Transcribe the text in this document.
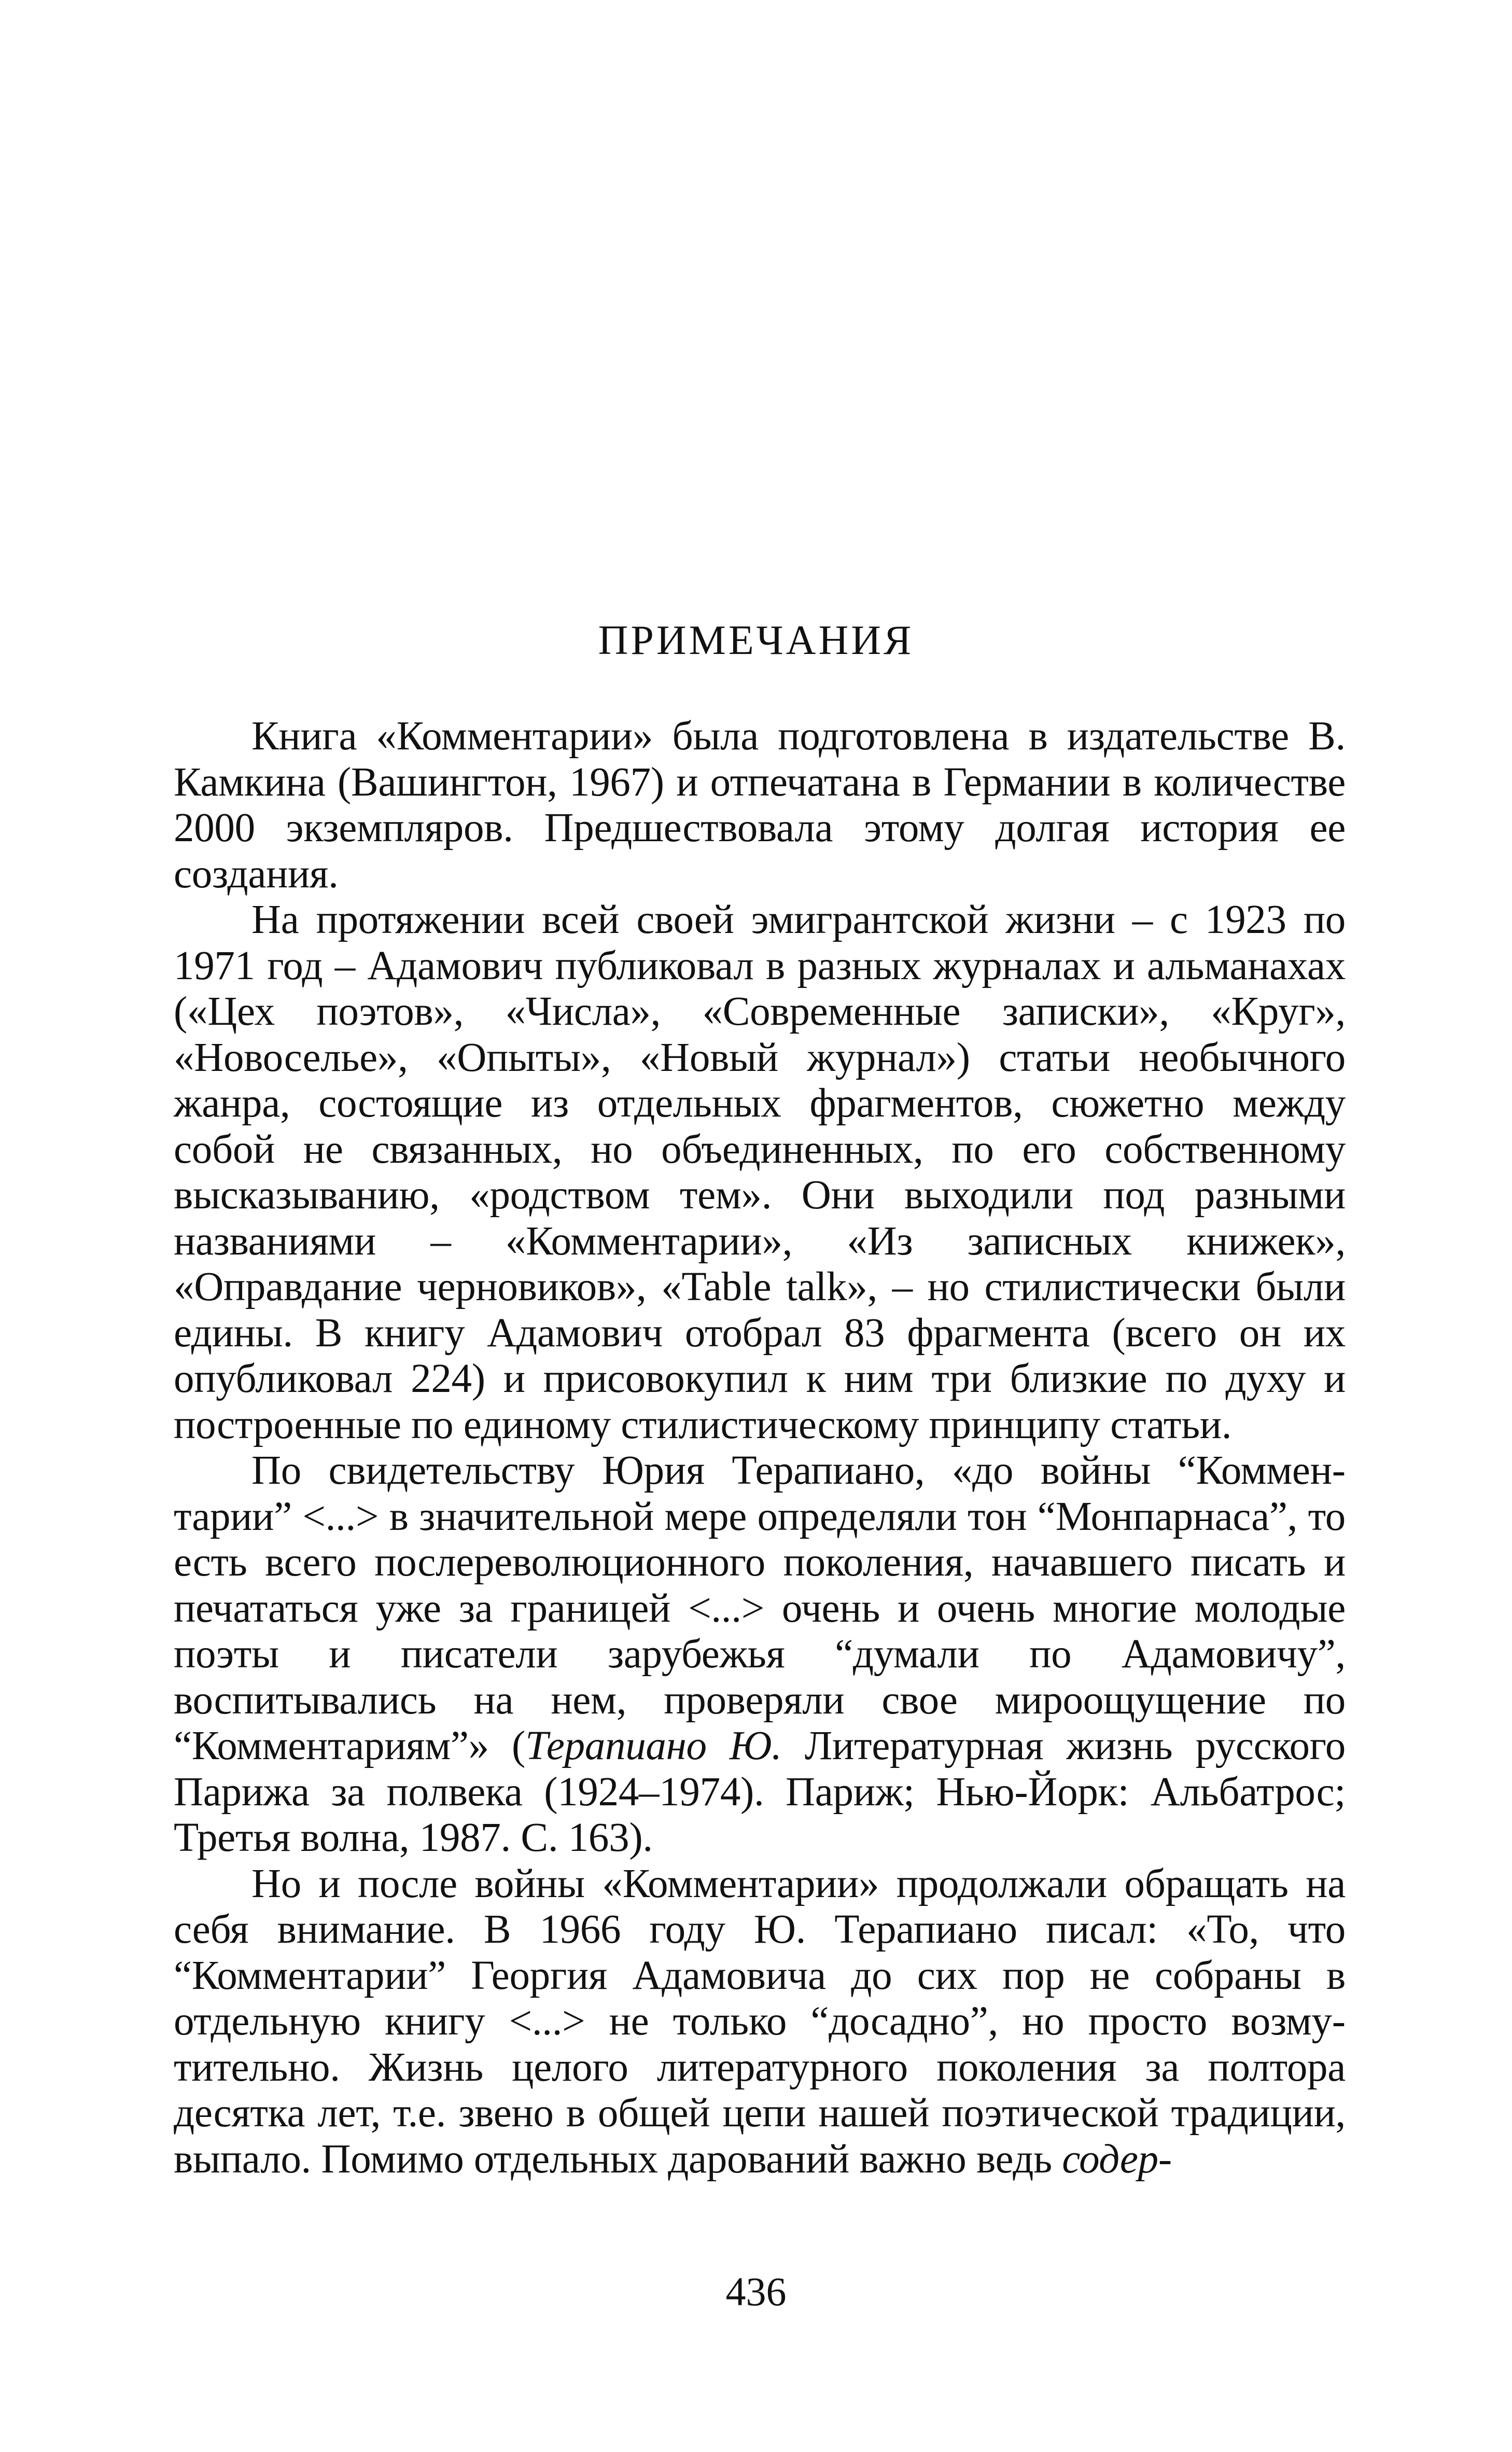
ПРИМЕЧАНИЯ

Книга «Комментарии» была подготовлена в издательстве В. Камкина (Вашингтон, 1967) и отпечатана в Германии в количестве 2000 экземпляров. Предшествовала этому долгая история ее создания.

На протяжении всей своей эмигрантской жизни – с 1923 по 1971 год – Адамович публиковал в разных журналах и альманахах («Цех поэтов», «Числа», «Современные записки», «Круг», «Новоселье», «Опыты», «Новый журнал») статьи необычного жанра, состоящие из отдельных фрагментов, сюжетно между собой не связанных, но объединенных, по его собственному высказыванию, «родством тем». Они выходили под разными названиями – «Комментарии», «Из записных книжек», «Оправдание черновиков», «Table talk», – но стилистически были едины. В книгу Адамович отобрал 83 фрагмента (всего он их опубликовал 224) и присовокупил к ним три близкие по духу и построенные по единому стилистическому принципу статьи.

По свидетельству Юрия Терапиано, «до войны “Комментарии” <...> в значительной мере определяли тон “Монпарнаса”, то есть всего послереволюционного поколения, начавшего писать и печататься уже за границей <...> очень и очень многие молодые поэты и писатели зарубежья “думали по Адамовичу”, воспитывались на нем, проверяли свое мироощущение по “Комментариям”» (Терапиано Ю. Литературная жизнь русского Парижа за полвека (1924–1974). Париж; Нью-Йорк: Альбатрос; Третья волна, 1987. С. 163).

Но и после войны «Комментарии» продолжали обращать на себя внимание. В 1966 году Ю. Терапиано писал: «То, что “Комментарии” Георгия Адамовича до сих пор не собраны в отдельную книгу <...> не только “досадно”, но просто возмутительно. Жизнь целого литературного поколения за полтора десятка лет, т.е. звено в общей цепи нашей поэтической традиции, выпало. Помимо отдельных дарований важно ведь содер-

436
